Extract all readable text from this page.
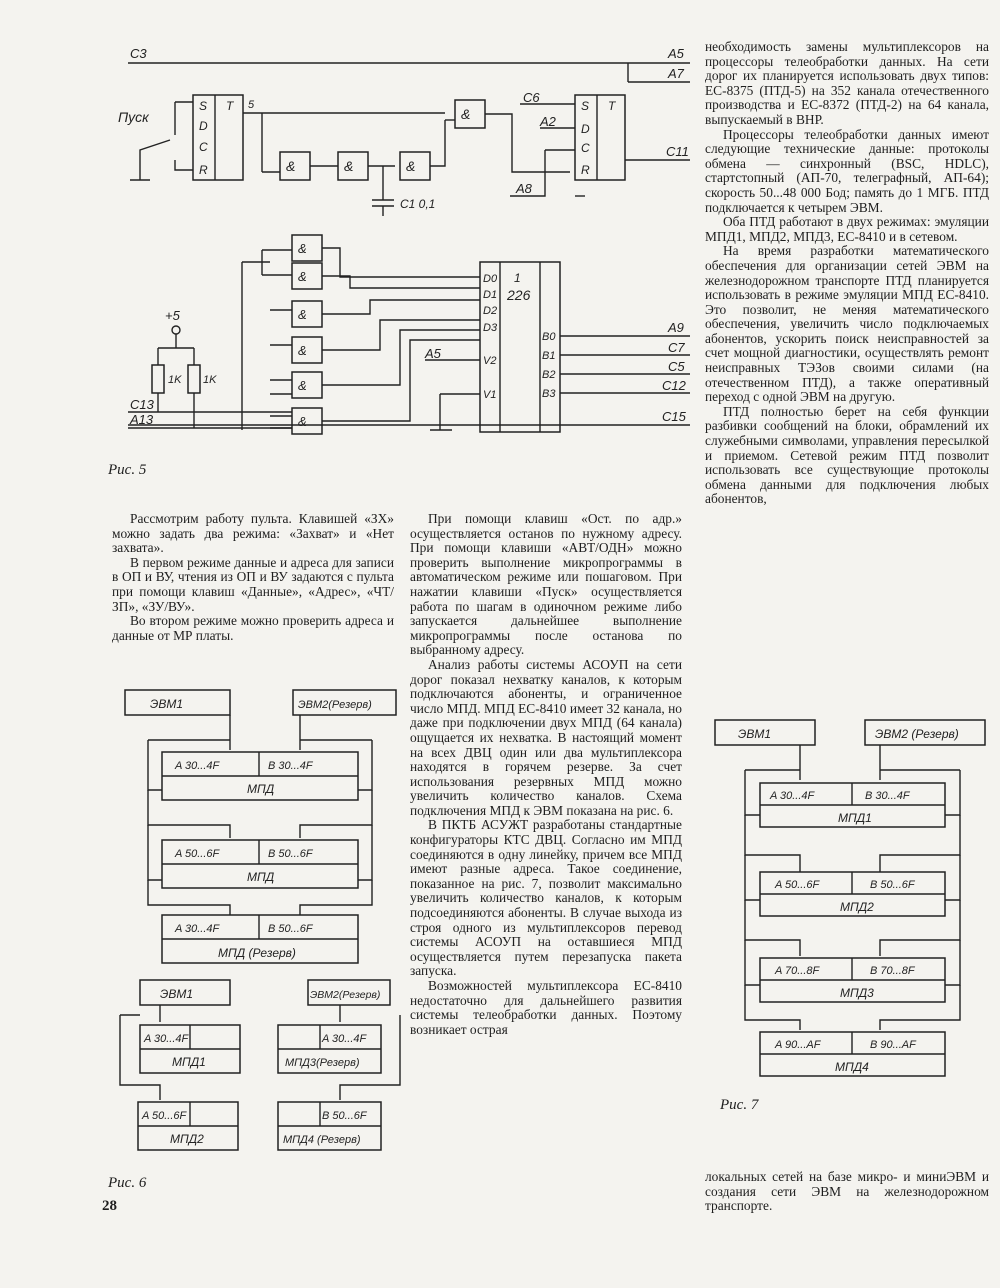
C3	A5
A7
Пуск
S T
D
C
R
5
&	&	&
C1 0,1
&
C6
A2
A8
S T
D
C
R
C11
&
&
&
&
&
&
1
226
D0
D1
D2
D3
V2
V1
B0
B1
B2
B3
A5
A9
C7
C5
C12
C15
+5
1K 1K
C13
A13
Рис. 5
ЭВМ1	ЭВМ2(Резерв)
A 30...4F	B 30...4F
МПД
A 50...6F	B 50...6F
МПД
A 30...4F	B 50...6F
МПД (Резерв)
ЭВМ1	ЭВМ2(Резерв)
A 30...4F
МПД1
A 30...4F
МПД3(Резерв)
A 50...6F
МПД2
B 50...6F
МПД4 (Резерв)
Рис. 6
28
ЭВМ1	ЭВМ2 (Резерв)
A 30...4F	B 30...4F
МПД1
A 50...6F	B 50...6F
МПД2
A 70...8F	B 70...8F
МПД3
A 90...AF	B 90...AF
МПД4
Рис. 7

Рассмотрим работу пульта. Клавишей «ЗХ» можно задать два режима: «Захват» и «Нет захвата».

В первом режиме данные и адреса для записи в ОП и ВУ, чтения из ОП и ВУ задаются с пульта при помощи клавиш «Данные», «Адрес», «ЧТ/ЗП», «ЗУ/ВУ».

Во втором режиме можно проверить адреса и данные от МР платы.

При помощи клавиш «Ост. по адр.» осуществляется останов по нужному адресу. При помощи клавиши «АВТ/ОДН» можно проверить выполнение микропрограммы в автоматическом режиме или пошаговом. При нажатии клавиши «Пуск» осуществляется работа по шагам в одиночном режиме либо запускается дальнейшее выполнение микропрограммы после останова по выбранному адресу.

Анализ работы системы АСОУП на сети дорог показал нехватку каналов, к которым подключаются абоненты, и ограниченное число МПД. МПД ЕС-8410 имеет 32 канала, но даже при подключении двух МПД (64 канала) ощущается их нехватка. В настоящий момент на всех ДВЦ один или два мультиплексора находятся в горячем резерве. За счет использования резервных МПД можно увеличить количество каналов. Схема подключения МПД к ЭВМ показана на рис. 6.

В ПКТБ АСУЖТ разработаны стандартные конфигураторы КТС ДВЦ. Согласно им МПД соединяются в одну линейку, причем все МПД имеют разные адреса. Такое соединение, показанное на рис. 7, позволит максимально увеличить количество каналов, к которым подсоединяются абоненты. В случае выхода из строя одного из мультиплексоров перевод системы АСОУП на оставшиеся МПД осуществляется путем перезапуска пакета запуска.

Возможностей мультиплексора ЕС-8410 недостаточно для дальнейшего развития системы телеобработки данных. Поэтому возникает острая

необходимость замены мультиплексоров на процессоры телеобработки данных. На сети дорог их планируется использовать двух типов: ЕС-8375 (ПТД-5) на 352 канала отечественного производства и ЕС-8372 (ПТД-2) на 64 канала, выпускаемый в ВНР.

Процессоры телеобработки данных имеют следующие технические данные: протоколы обмена — синхронный (BSC, HDLC), стартстопный (АП-70, телеграфный, АП-64); скорость 50...48 000 Бод; память до 1 МГБ. ПТД подключается к четырем ЭВМ.

Оба ПТД работают в двух режимах: эмуляции МПД1, МПД2, МПД3, ЕС-8410 и в сетевом.

На время разработки математического обеспечения для организации сетей ЭВМ на железнодорожном транспорте ПТД планируется использовать в режиме эмуляции МПД ЕС-8410. Это позволит, не меняя математического обеспечения, увеличить число подключаемых абонентов, ускорить поиск неисправностей за счет мощной диагностики, осуществлять ремонт неисправных ТЭЗов своими силами (на отечественном ПТД), а также оперативный переход с одной ЭВМ на другую.

ПТД полностью берет на себя функции разбивки сообщений на блоки, обрамлений их служебными символами, управления пересылкой и приемом. Сетевой режим ПТД позволит использовать все существующие протоколы обмена данными для подключения любых абонентов,

локальных сетей на базе микро- и миниЭВМ и создания сети ЭВМ на железнодорожном транспорте.
